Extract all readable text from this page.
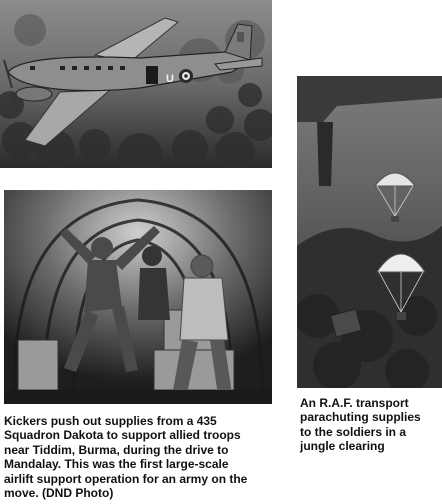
U

Kickers push out supplies from a 435
Squadron Dakota to support allied troops
near Tiddim, Burma, during the drive to
Mandalay. This was the first large-scale
airlift support operation for an army on the
move. (DND Photo)

An R.A.F. transport
parachuting supplies
to the soldiers in a
jungle clearing
